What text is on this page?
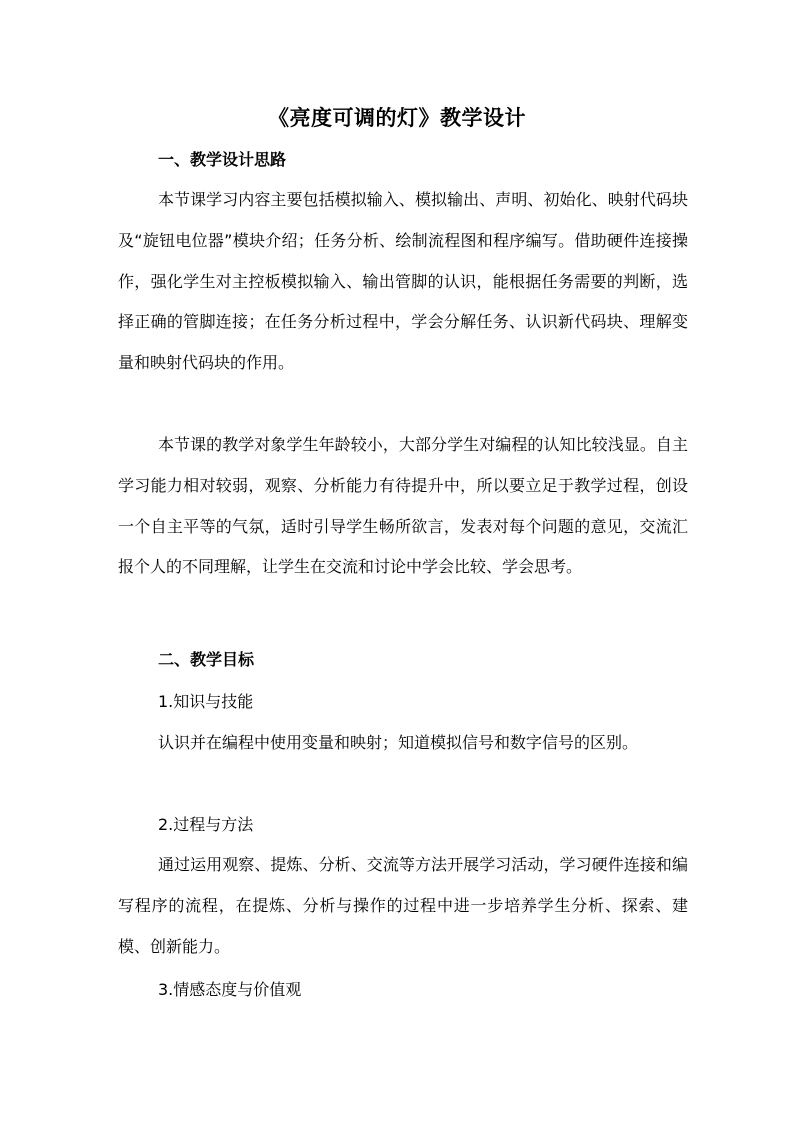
《亮度可调的灯》教学设计
一、教学设计思路

本节课学习内容主要包括模拟输入、模拟输出、声明、初始化、映射代码块及“旋钮电位器”模块介绍；任务分析、绘制流程图和程序编写。借助硬件连接操作，强化学生对主控板模拟输入、输出管脚的认识，能根据任务需要的判断，选择正确的管脚连接；在任务分析过程中，学会分解任务、认识新代码块、理解变量和映射代码块的作用。

本节课的教学对象学生年龄较小，大部分学生对编程的认知比较浅显。自主学习能力相对较弱，观察、分析能力有待提升中，所以要立足于教学过程，创设一个自主平等的气氛，适时引导学生畅所欲言，发表对每个问题的意见，交流汇报个人的不同理解，让学生在交流和讨论中学会比较、学会思考。

二、教学目标
1.知识与技能

认识并在编程中使用变量和映射；知道模拟信号和数字信号的区别。

2.过程与方法

通过运用观察、提炼、分析、交流等方法开展学习活动，学习硬件连接和编写程序的流程，在提炼、分析与操作的过程中进一步培养学生分析、探索、建模、创新能力。

3.情感态度与价值观
